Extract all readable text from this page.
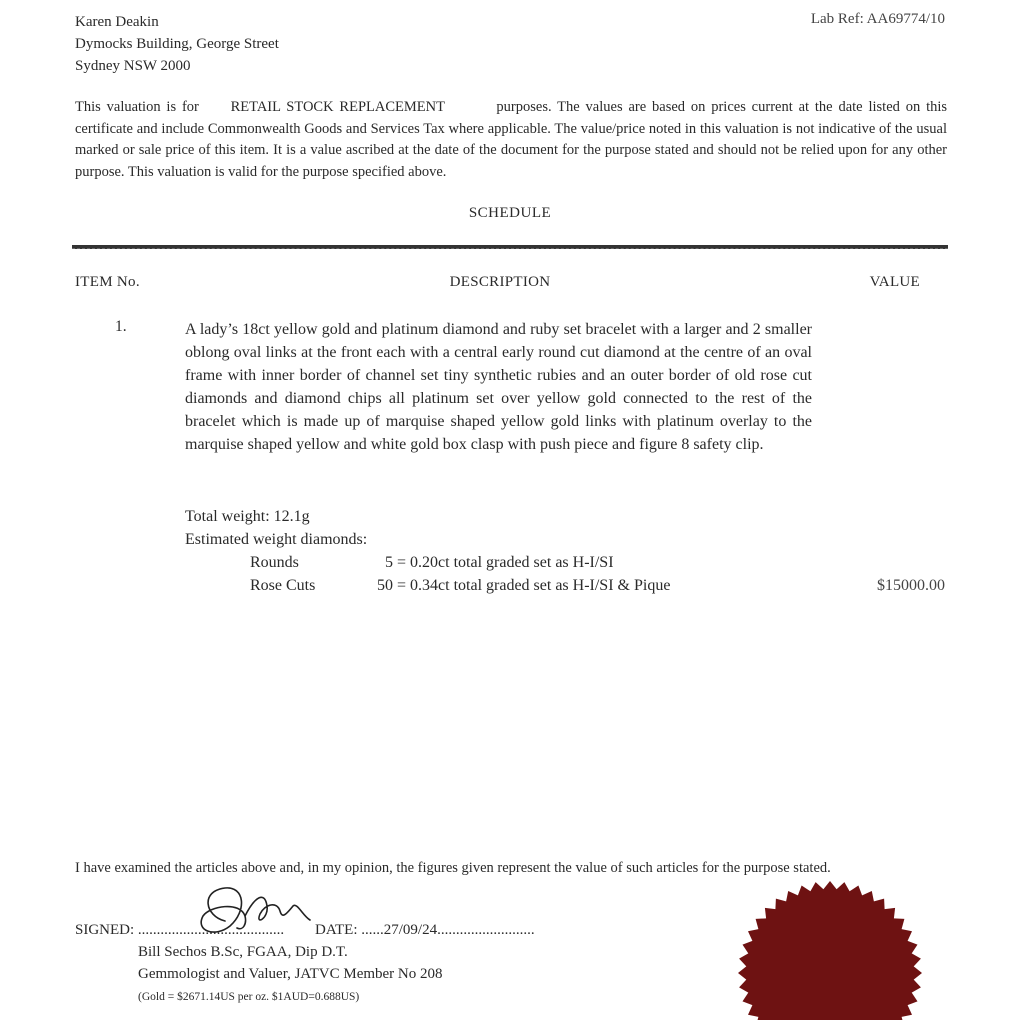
Karen Deakin
Dymocks Building, George Street
Sydney NSW 2000
Lab Ref: AA69774/10
This valuation is for RETAIL STOCK REPLACEMENT	purposes. The values are based on prices current at the date listed on this certificate and include Commonwealth Goods and Services Tax where applicable. The value/price noted in this valuation is not indicative of the usual marked or sale price of this item. It is a value ascribed at the date of the document for the purpose stated and should not be relied upon for any other purpose. This valuation is valid for the purpose specified above.
SCHEDULE
ITEM No.	DESCRIPTION	VALUE
1.	A lady’s 18ct yellow gold and platinum diamond and ruby set bracelet with a larger and 2 smaller oblong oval links at the front each with a central early round cut diamond at the centre of an oval frame with inner border of channel set tiny synthetic rubies and an outer border of old rose cut diamonds and diamond chips all platinum set over yellow gold connected to the rest of the bracelet which is made up of marquise shaped yellow gold links with platinum overlay to the marquise shaped yellow and white gold box clasp with push piece and figure 8 safety clip.
Total weight: 12.1g
Estimated weight diamonds:
Rounds	5 = 0.20ct total graded set as H-I/SI
Rose Cuts	50 = 0.34ct total graded set as H-I/SI & Pique	$15000.00
I have examined the articles above and, in my opinion, the figures given represent the value of such articles for the purpose stated.
SIGNED: ....................................... DATE: ......27/09/24..........................
Bill Sechos B.Sc, FGAA, Dip D.T.
Gemmologist and Valuer, JATVC Member No 208
(Gold = $2671.14US per oz. $1AUD=0.688US)
